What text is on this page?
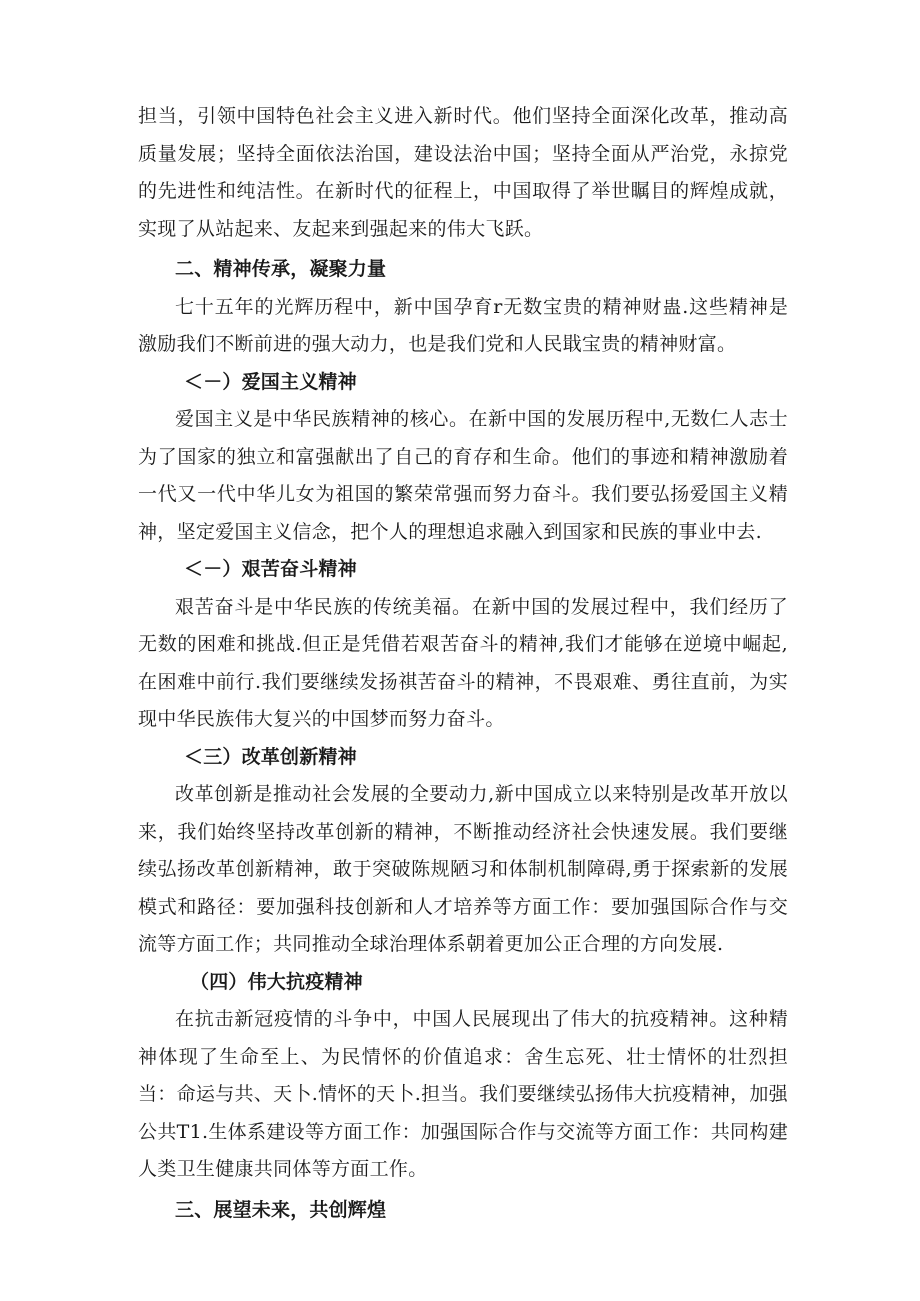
担当，引领中国特色社会主义进入新时代。他们坚持全面深化改革，推动高质量发展；坚持全面依法治国，建设法治中国；坚持全面从严治党，永掠党的先进性和纯洁性。在新时代的征程上，中国取得了举世瞩目的辉煌成就，实现了从站起来、友起来到强起来的伟大飞跃。

二、精神传承，凝聚力量

七十五年的光辉历程中，新中国孕育r无数宝贵的精神财蛊.这些精神是激励我们不断前进的强大动力，也是我们党和人民戢宝贵的精神财富。

＜－）爱国主义精神

爱国主义是中华民族精神的核心。在新中国的发展历程中,无数仁人志士为了国家的独立和富强献出了自己的育存和生命。他们的事迹和精神激励着一代又一代中华儿女为祖国的繁荣常强而努力奋斗。我们要弘扬爱国主义精神，坚定爱国主义信念，把个人的理想追求融入到国家和民族的事业中去.

＜－）艰苦奋斗精神

艰苦奋斗是中华民族的传统美福。在新中国的发展过程中，我们经历了无数的困难和挑战.但正是凭借若艰苦奋斗的精神,我们才能够在逆境中崛起,在困难中前行.我们要继续发扬祺苦奋斗的精神，不畏艰难、勇往直前，为实现中华民族伟大复兴的中国梦而努力奋斗。

＜三）改革创新精神

改革创新是推动社会发展的全要动力,新中国成立以来特别是改革开放以来，我们始终坚持改革创新的精神，不断推动经济社会快速发展。我们要继续弘扬改革创新精神，敢于突破陈规陋习和体制机制障碍,勇于探索新的发展模式和路径：要加强科技创新和人才培养等方面工作：要加强国际合作与交流等方面工作；共同推动全球治理体系朝着更加公正合理的方向发展.

（四）伟大抗疫精神

在抗击新冠疫情的斗争中，中国人民展现出了伟大的抗疫精神。这种精神体现了生命至上、为民情怀的价值追求：舍生忘死、壮士情怀的壮烈担当：命运与共、天卜.情怀的天卜.担当。我们要继续弘扬伟大抗疫精神，加强公共T1.生体系建设等方面工作：加强国际合作与交流等方面工作：共同构建人类卫生健康共同体等方面工作。

三、展望未来，共创辉煌
